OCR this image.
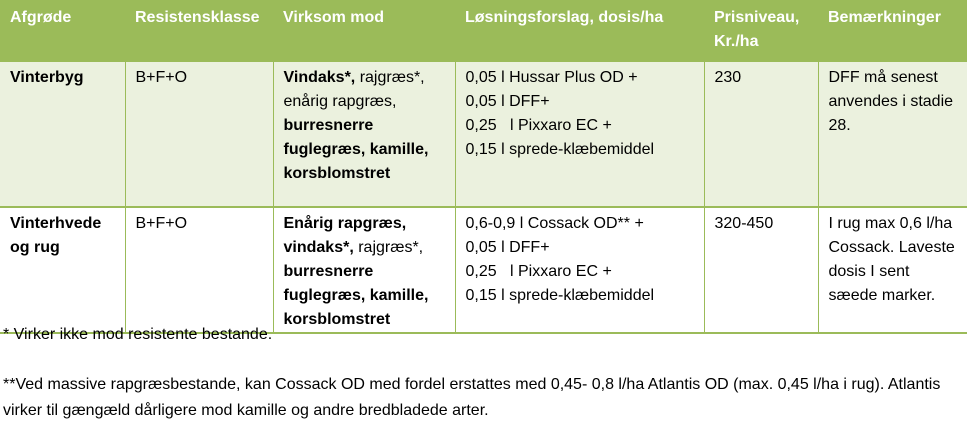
Afgrøde	Resistensklasse	Virksom mod	Løsningsforslag, dosis/ha	Prisniveau, Kr./ha	Bemærkninger
Vinterbyg	B+F+O	Vindaks*, rajgræs*, enårig rapgræs, burresnerre fuglegræs, kamille, korsblomstret	0,05 l Hussar Plus OD +
0,05 l DFF+
0,25   l Pixxaro EC +
0,15 l sprede-klæbemiddel	230	DFF må senest anvendes i stadie 28.
Vinterhvede og rug	B+F+O	Enårig rapgræs, vindaks*, rajgræs*, burresnerre fuglegræs, kamille, korsblomstret	0,6-0,9 l Cossack OD** +
0,05 l DFF+
0,25   l Pixxaro EC +
0,15 l sprede-klæbemiddel	320-450	I rug max 0,6 l/ha Cossack. Laveste dosis I sent sæede marker.
* Virker ikke mod resistente bestande.
**Ved massive rapgræsbestande, kan Cossack OD med fordel erstattes med 0,45- 0,8 l/ha Atlantis OD (max. 0,45 l/ha i rug). Atlantis virker til gængæld dårligere mod kamille og andre bredbladede arter.
